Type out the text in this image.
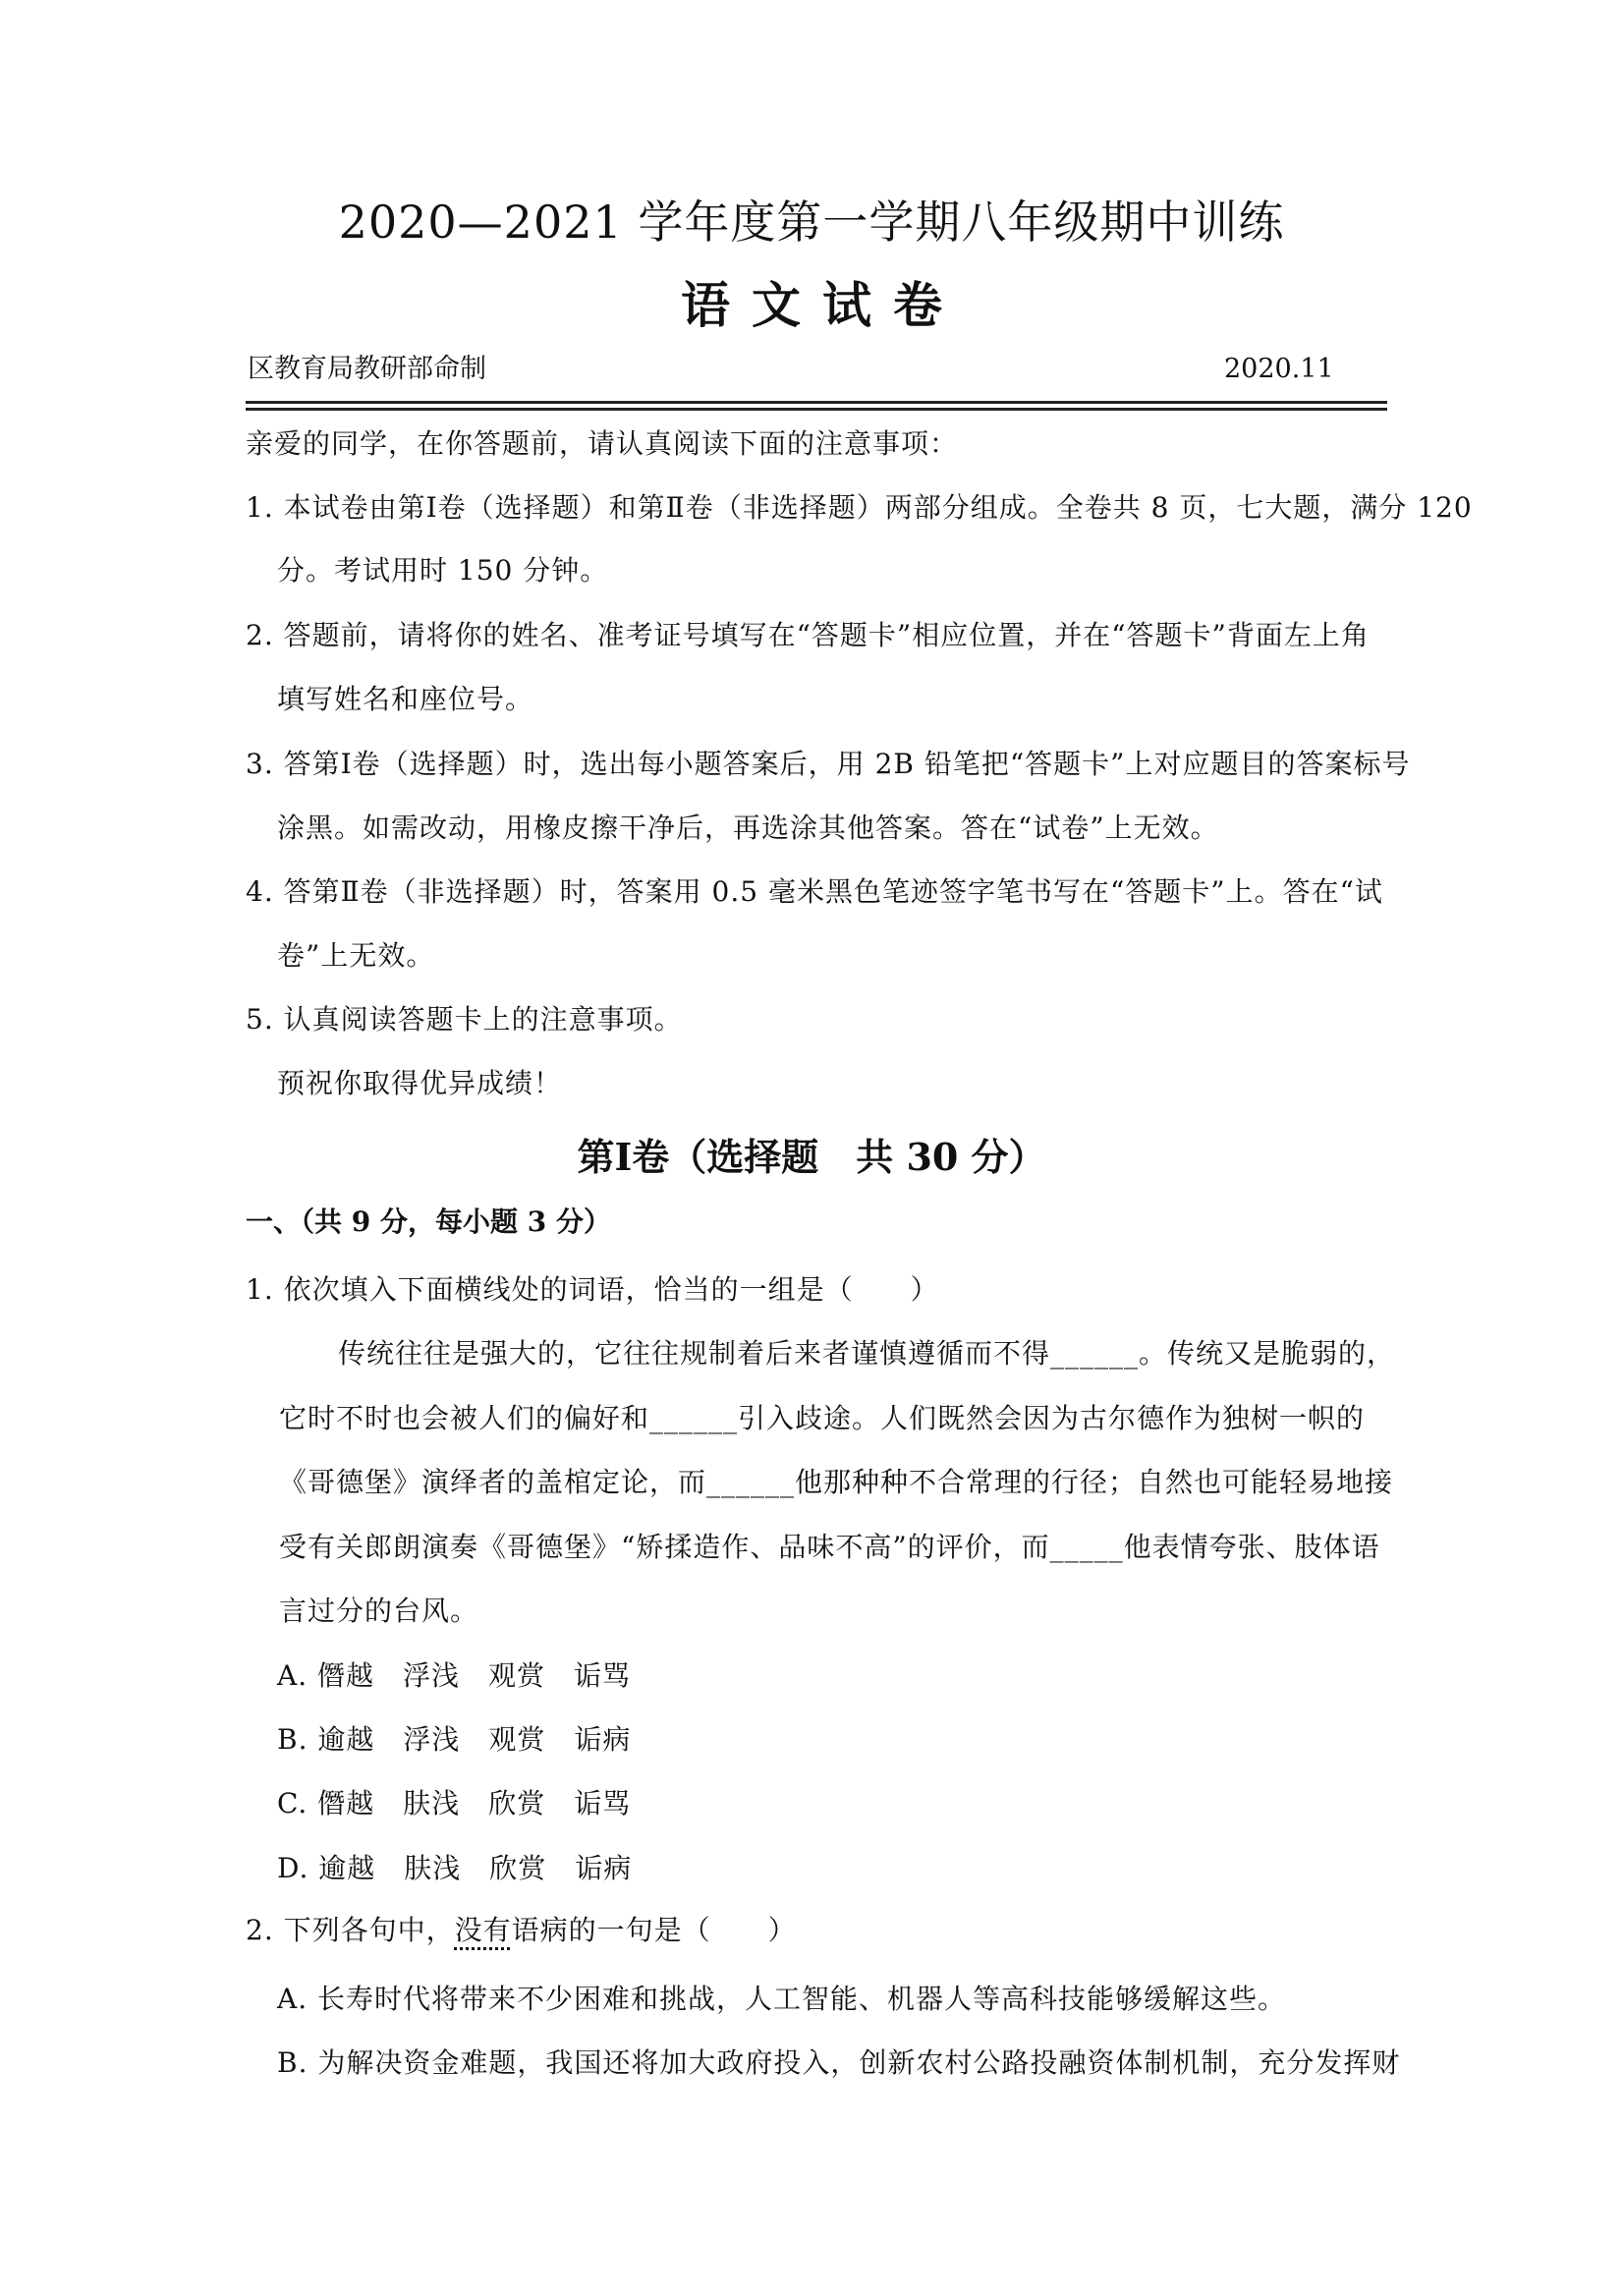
2020—2021 学年度第一学期八年级期中训练
语文试卷
区教育局教研部命制	2020.11
亲爱的同学，在你答题前，请认真阅读下面的注意事项：
1. 本试卷由第Ⅰ卷（选择题）和第Ⅱ卷（非选择题）两部分组成。全卷共 8 页，七大题，满分 120
分。考试用时 150 分钟。
2. 答题前，请将你的姓名、准考证号填写在“答题卡”相应位置，并在“答题卡”背面左上角
填写姓名和座位号。
3. 答第Ⅰ卷（选择题）时，选出每小题答案后，用 2B 铅笔把“答题卡”上对应题目的答案标号
涂黑。如需改动，用橡皮擦干净后，再选涂其他答案。答在“试卷”上无效。
4. 答第Ⅱ卷（非选择题）时，答案用 0.5 毫米黑色笔迹签字笔书写在“答题卡”上。答在“试
卷”上无效。
5. 认真阅读答题卡上的注意事项。
预祝你取得优异成绩！
第Ⅰ卷（选择题　共 30 分）
一、（共 9 分，每小题 3 分）
1. 依次填入下面横线处的词语，恰当的一组是（　　）
传统往往是强大的，它往往规制着后来者谨慎遵循而不得______。传统又是脆弱的，
它时不时也会被人们的偏好和______引入歧途。人们既然会因为古尔德作为独树一帜的
《哥德堡》演绎者的盖棺定论，而______他那种种不合常理的行径；自然也可能轻易地接
受有关郎朗演奏《哥德堡》“矫揉造作、品味不高”的评价，而_____他表情夸张、肢体语
言过分的台风。
A. 僭越　浮浅　观赏　诟骂
B. 逾越　浮浅　观赏　诟病
C. 僭越　肤浅　欣赏　诟骂
D. 逾越　肤浅　欣赏　诟病
2. 下列各句中，没有语病的一句是（　　）
A. 长寿时代将带来不少困难和挑战，人工智能、机器人等高科技能够缓解这些。
B. 为解决资金难题，我国还将加大政府投入，创新农村公路投融资体制机制，充分发挥财
